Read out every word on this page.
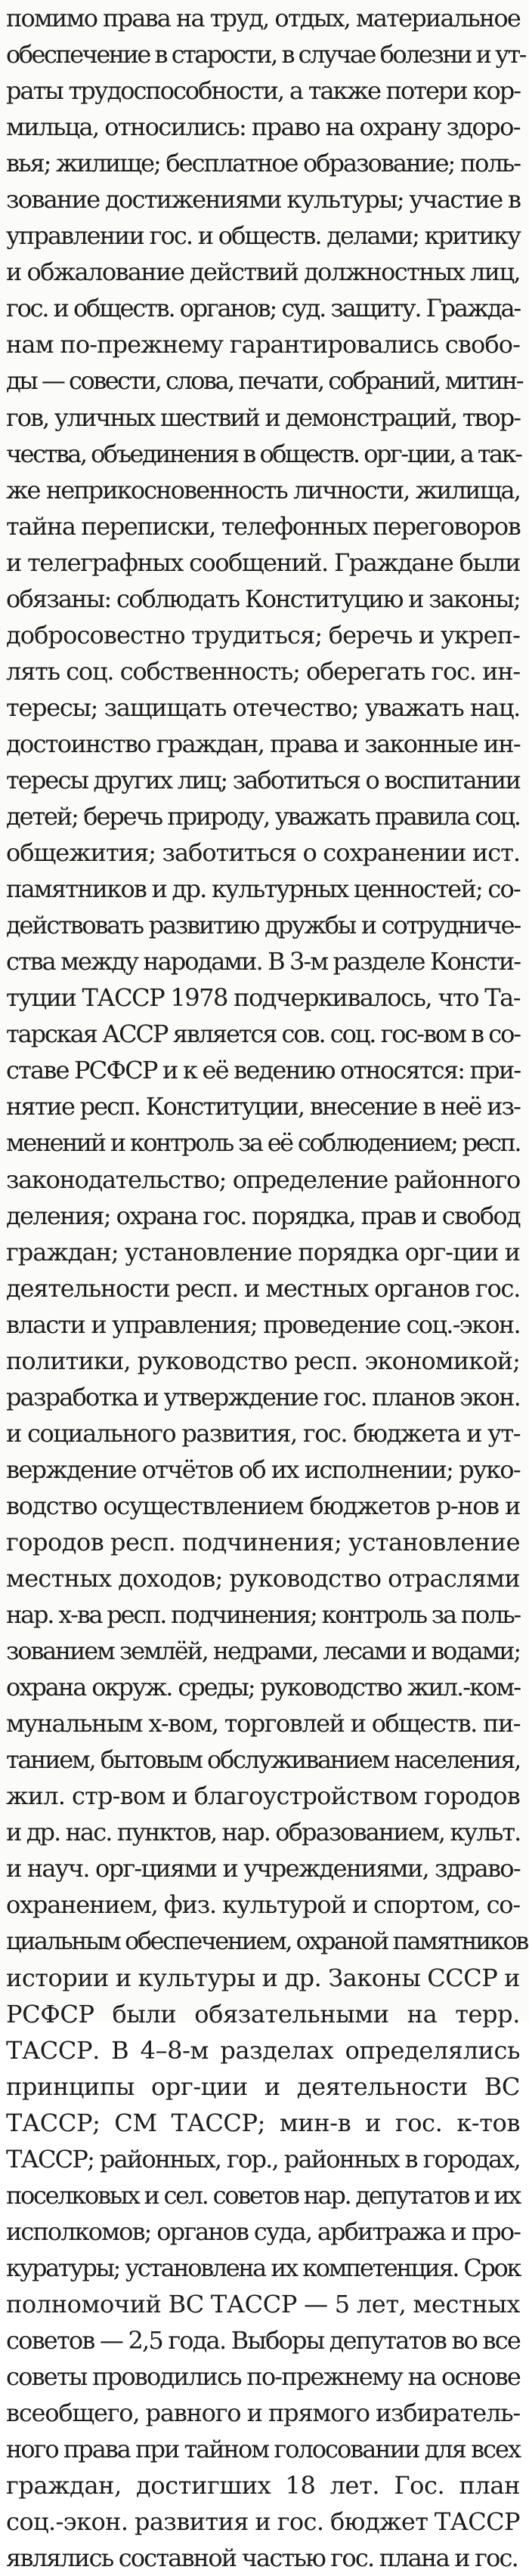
помимо права на труд, отдых, материальное
обеспечение в старости, в случае болезни и ут-
раты трудоспособности, а также потери кор-
мильца, относились: право на охрану здоро-
вья; жилище; бесплатное образование; поль-
зование достижениями культуры; участие в
управлении гос. и обществ. делами; критику
и обжалование действий должностных лиц,
гос. и обществ. органов; суд. защиту. Гражда-
нам по-прежнему гарантировались свобо-
ды — совести, слова, печати, собраний, митин-
гов, уличных шествий и демонстраций, твор-
чества, объединения в обществ. орг-ции, а так-
же неприкосновенность личности, жилища,
тайна переписки, телефонных переговоров
и телеграфных сообщений. Граждане были
обязаны: соблюдать Конституцию и законы;
добросовестно трудиться; беречь и укреп-
лять соц. собственность; оберегать гос. ин-
тересы; защищать отечество; уважать нац.
достоинство граждан, права и законные ин-
тересы других лиц; заботиться о воспитании
детей; беречь природу, уважать правила соц.
общежития; заботиться о сохранении ист.
памятников и др. культурных ценностей; со-
действовать развитию дружбы и сотрудниче-
ства между народами. В 3-м разделе Консти-
туции ТАССР 1978 подчеркивалось, что Та-
тарская АССР является сов. соц. гос-вом в со-
ставе РСФСР и к её ведению относятся: при-
нятие респ. Конституции, внесение в неё из-
менений и контроль за её соблюдением; респ.
законодательство; определение районного
деления; охрана гос. порядка, прав и свобод
граждан; установление порядка орг-ции и
деятельности респ. и местных органов гос.
власти и управления; проведение соц.-экон.
политики, руководство респ. экономикой;
разработка и утверждение гос. планов экон.
и социального развития, гос. бюджета и ут-
верждение отчётов об их исполнении; руко-
водство осуществлением бюджетов р-нов и
городов респ. подчинения; установление
местных доходов; руководство отраслями
нар. х-ва респ. подчинения; контроль за поль-
зованием землёй, недрами, лесами и водами;
охрана окруж. среды; руководство жил.-ком-
мунальным х-вом, торговлей и обществ. пи-
танием, бытовым обслуживанием населения,
жил. стр-вом и благоустройством городов
и др. нас. пунктов, нар. образованием, культ.
и науч. орг-циями и учреждениями, здраво-
охранением, физ. культурой и спортом, со-
циальным обеспечением, охраной памятников
истории и культуры и др. Законы СССР и
РСФСР были обязательными на терр.
ТАССР. В 4–8-м разделах определялись
принципы орг-ции и деятельности ВС
ТАССР; СМ ТАССР; мин-в и гос. к-тов
ТАССР; районных, гор., районных в городах,
поселковых и сел. советов нар. депутатов и их
исполкомов; органов суда, арбитража и про-
куратуры; установлена их компетенция. Срок
полномочий ВС ТАССР — 5 лет, местных
советов — 2,5 года. Выборы депутатов во все
советы проводились по-прежнему на основе
всеобщего, равного и прямого избиратель-
ного права при тайном голосовании для всех
граждан, достигших 18 лет. Гос. план
соц.-экон. развития и гос. бюджет ТАССР
являлись составной частью гос. плана и гос.
